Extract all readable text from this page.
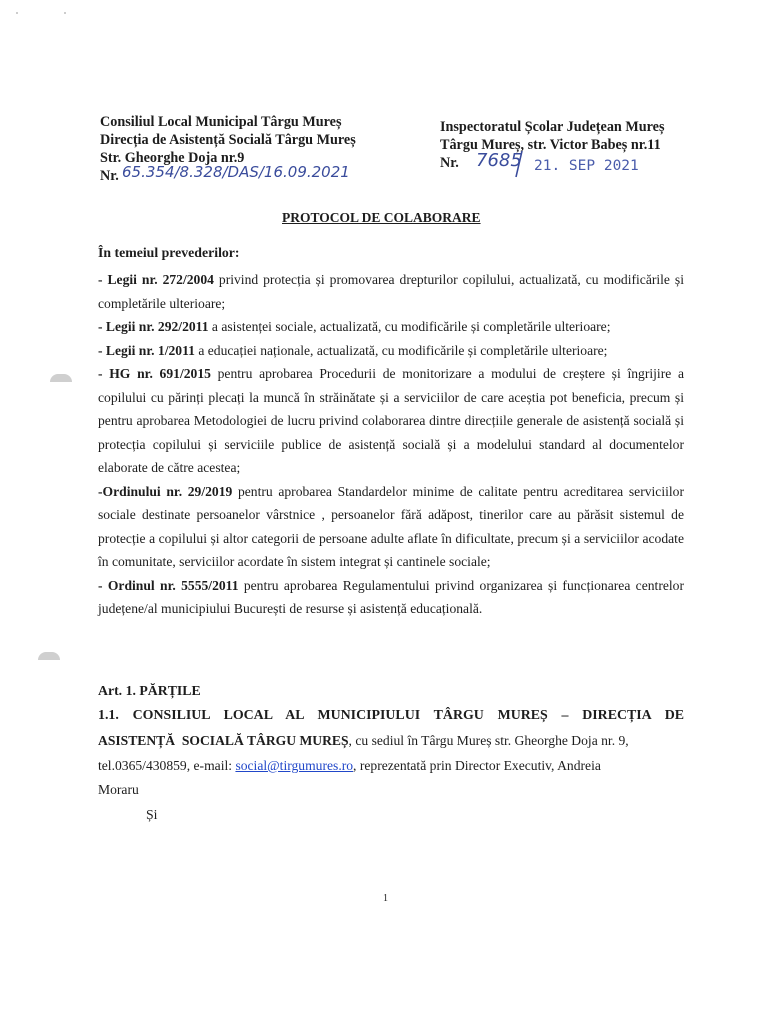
Consiliul Local Municipal Târgu Mureș
Direcția de Asistență Socială Târgu Mureș
Str. Gheorghe Doja nr.9
Nr. 65.354/8.328/DAS/16.09.2021
Inspectoratul Școlar Județean Mureș
Târgu Mureș, str. Victor Babeș nr.11
Nr. 7685 21. SEP 2021
PROTOCOL DE COLABORARE
În temeiul prevederilor:
- Legii nr. 272/2004 privind protecția și promovarea drepturilor copilului, actualizată, cu modificările și completările ulterioare;
- Legii nr. 292/2011 a asistenței sociale, actualizată, cu modificările și completările ulterioare;
- Legii nr. 1/2011 a educației naționale, actualizată, cu modificările și completările ulterioare;
- HG nr. 691/2015 pentru aprobarea Procedurii de monitorizare a modului de creștere și îngrijire a copilului cu părinți plecați la muncă în străinătate și a serviciilor de care aceștia pot beneficia, precum și pentru aprobarea Metodologiei de lucru privind colaborarea dintre direcțiile generale de asistență socială și protecția copilului și serviciile publice de asistență socială și a modelului standard al documentelor elaborate de către acestea;
-Ordinului nr. 29/2019 pentru aprobarea Standardelor minime de calitate pentru acreditarea serviciilor sociale destinate persoanelor vârstnice , persoanelor fără adăpost, tinerilor care au părăsit sistemul de protecție a copilului și altor categorii de persoane adulte aflate în dificultate, precum și a serviciilor acodate în comunitate, serviciilor acordate în sistem integrat și cantinele sociale;
- Ordinul nr. 5555/2011 pentru aprobarea Regulamentului privind organizarea și funcționarea centrelor județene/al municipiului București de resurse și asistență educațională.
Art. 1. PĂRȚILE
1.1. CONSILIUL LOCAL AL MUNICIPIULUI TÂRGU MUREȘ – DIRECȚIA DE
ASISTENȚĂ  SOCIALĂ TÂRGU MUREȘ, cu sediul în Târgu Mureș str. Gheorghe Doja nr. 9,
tel.0365/430859, e-mail: social@tirgumures.ro, reprezentată prin Director Executiv, Andreia
Moraru
Și
1
